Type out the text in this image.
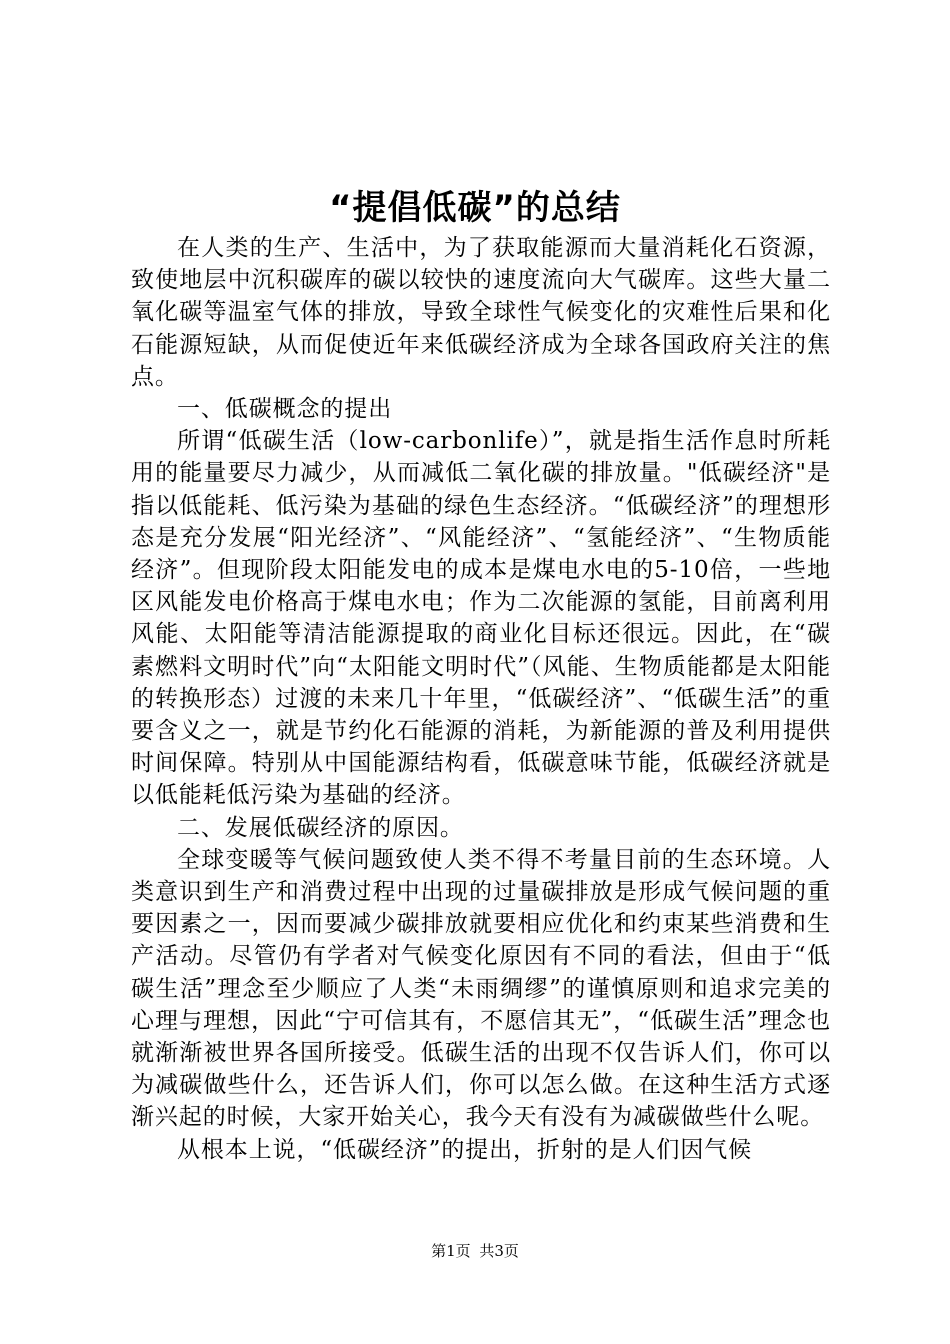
“提倡低碳”的总结

在人类的生产、生活中，为了获取能源而大量消耗化石资源，致使地层中沉积碳库的碳以较快的速度流向大气碳库。这些大量二氧化碳等温室气体的排放，导致全球性气候变化的灾难性后果和化石能源短缺，从而促使近年来低碳经济成为全球各国政府关注的焦点。

一、低碳概念的提出

所谓“低碳生活（low-carbonlife）”，就是指生活作息时所耗用的能量要尽力减少，从而减低二氧化碳的排放量。"低碳经济"是指以低能耗、低污染为基础的绿色生态经济。“低碳经济”的理想形态是充分发展“阳光经济”、“风能经济”、“氢能经济”、“生物质能经济”。但现阶段太阳能发电的成本是煤电水电的5-10倍，一些地区风能发电价格高于煤电水电；作为二次能源的氢能，目前离利用风能、太阳能等清洁能源提取的商业化目标还很远。因此，在“碳素燃料文明时代”向“太阳能文明时代”（风能、生物质能都是太阳能的转换形态）过渡的未来几十年里，“低碳经济”、“低碳生活”的重要含义之一，就是节约化石能源的消耗，为新能源的普及利用提供时间保障。特别从中国能源结构看，低碳意味节能，低碳经济就是以低能耗低污染为基础的经济。

二、发展低碳经济的原因。

全球变暖等气候问题致使人类不得不考量目前的生态环境。人类意识到生产和消费过程中出现的过量碳排放是形成气候问题的重要因素之一，因而要减少碳排放就要相应优化和约束某些消费和生产活动。尽管仍有学者对气候变化原因有不同的看法，但由于“低碳生活”理念至少顺应了人类“未雨绸缪”的谨慎原则和追求完美的心理与理想，因此“宁可信其有，不愿信其无”，“低碳生活”理念也就渐渐被世界各国所接受。低碳生活的出现不仅告诉人们，你可以为减碳做些什么，还告诉人们，你可以怎么做。在这种生活方式逐渐兴起的时候，大家开始关心，我今天有没有为减碳做些什么呢。

从根本上说，“低碳经济”的提出，折射的是人们因气候

第1页 共3页
